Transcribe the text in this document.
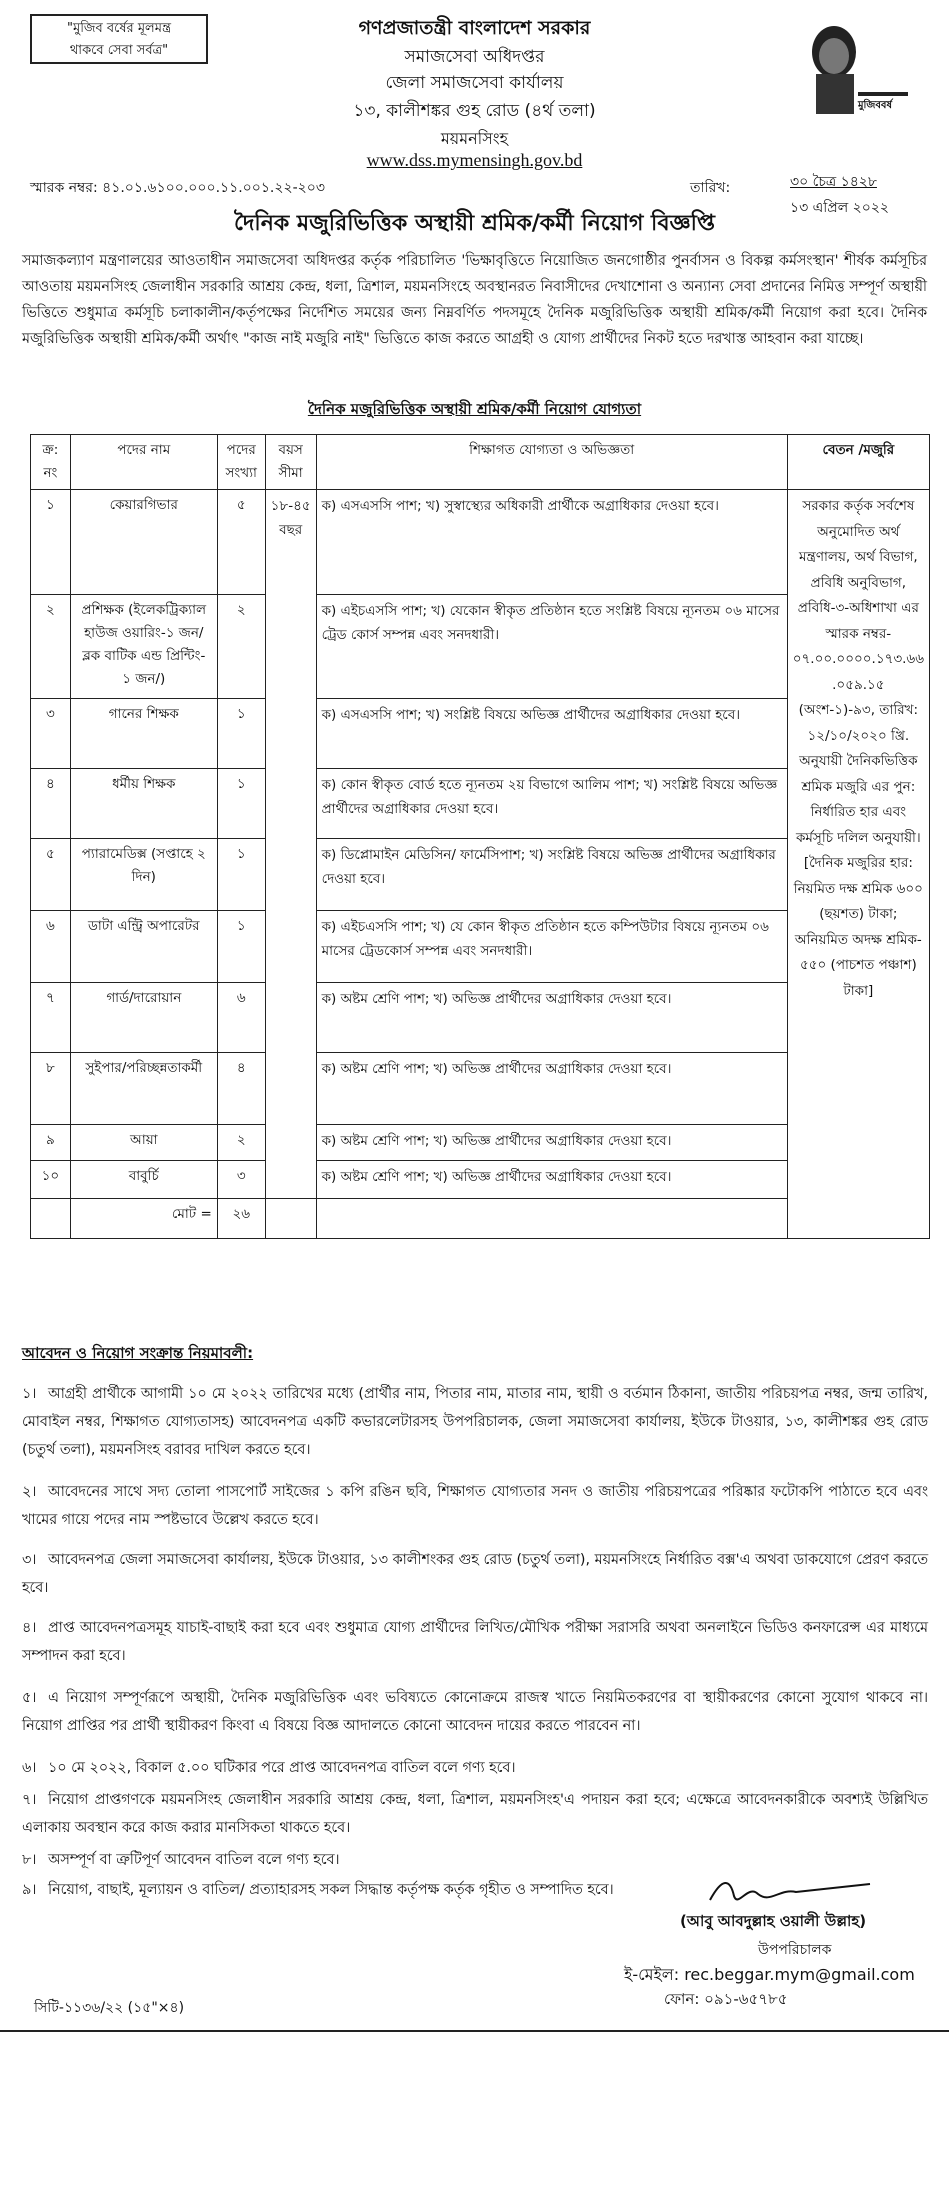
"মুজিব বর্ষের মূলমন্ত্র
থাকবে সেবা সর্বত্র"
গণপ্রজাতন্ত্রী বাংলাদেশ সরকার
সমাজসেবা অধিদপ্তর
জেলা সমাজসেবা কার্যালয়
১৩, কালীশঙ্কর গুহ রোড (৪র্থ তলা)
ময়মনসিংহ
www.dss.mymensingh.gov.bd
মুজিববর্ষ
স্মারক নম্বর: ৪১.০১.৬১০০.০০০.১১.০০১.২২-২০৩	তারিখ:	৩০ চৈত্র ১৪২৮
১৩ এপ্রিল ২০২২
দৈনিক মজুরিভিত্তিক অস্থায়ী শ্রমিক/কর্মী নিয়োগ বিজ্ঞপ্তি
সমাজকল্যাণ মন্ত্রণালয়ের আওতাধীন সমাজসেবা অধিদপ্তর কর্তৃক পরিচালিত 'ভিক্ষাবৃত্তিতে নিয়োজিত জনগোষ্ঠীর পুনর্বাসন ও বিকল্প কর্মসংস্থান' শীর্ষক কর্মসূচির আওতায় ময়মনসিংহ জেলাধীন সরকারি আশ্রয় কেন্দ্র, ধলা, ত্রিশাল, ময়মনসিংহে অবস্থানরত নিবাসীদের দেখাশোনা ও অন্যান্য সেবা প্রদানের নিমিত্ত সম্পূর্ণ অস্থায়ী ভিত্তিতে শুধুমাত্র কর্মসূচি চলাকালীন/কর্তৃপক্ষের নির্দেশিত সময়ের জন্য নিম্নবর্ণিত পদসমূহে দৈনিক মজুরিভিত্তিক অস্থায়ী শ্রমিক/কর্মী নিয়োগ করা হবে। দৈনিক মজুরিভিত্তিক অস্থায়ী শ্রমিক/কর্মী অর্থাৎ "কাজ নাই মজুরি নাই" ভিত্তিতে কাজ করতে আগ্রহী ও যোগ্য প্রার্থীদের নিকট হতে দরখাস্ত আহবান করা যাচ্ছে।
দৈনিক মজুরিভিত্তিক অস্থায়ী শ্রমিক/কর্মী নিয়োগ যোগ্যতা
ক্র: নং	পদের নাম	পদের সংখ্যা	বয়স সীমা	শিক্ষাগত যোগ্যতা ও অভিজ্ঞতা	বেতন /মজুরি
১	কেয়ারগিভার	৫	১৮-৪৫ বছর	ক) এসএসসি পাশ; খ) সুস্বাস্থ্যের অধিকারী প্রার্থীকে অগ্রাধিকার দেওয়া হবে।	সরকার কর্তৃক সর্বশেষ অনুমোদিত অর্থ মন্ত্রণালয়, অর্থ বিভাগ, প্রবিধি অনুবিভাগ, প্রবিধি-৩-অধিশাখা এর স্মারক নম্বর- ০৭.০০.০০০০.১৭৩.৬৬ .০৫৯.১৫ (অংশ-১)-৯৩, তারিখ: ১২/১০/২০২০ খ্রি. অনুযায়ী দৈনিকভিত্তিক শ্রমিক মজুরি এর পুন: নির্ধারিত হার এবং কর্মসূচি দলিল অনুযায়ী। [দৈনিক মজুরির হার: নিয়মিত দক্ষ শ্রমিক ৬০০ (ছয়শত) টাকা; অনিয়মিত অদক্ষ শ্রমিক- ৫৫০ (পাচশত পঞ্চাশ) টাকা]
২	প্রশিক্ষক (ইলেকট্রিক্যাল হাউজ ওয়ারিং-১ জন/ ব্লক বাটিক এন্ড প্রিন্টিং- ১ জন/)	২		ক) এইচএসসি পাশ; খ) যেকোন স্বীকৃত প্রতিষ্ঠান হতে সংশ্লিষ্ট বিষয়ে ন্যূনতম ০৬ মাসের ট্রেড কোর্স সম্পন্ন এবং সনদধারী।	
৩	গানের শিক্ষক	১		ক) এসএসসি পাশ; খ) সংশ্লিষ্ট বিষয়ে অভিজ্ঞ প্রার্থীদের অগ্রাধিকার দেওয়া হবে।	
৪	ধর্মীয় শিক্ষক	১		ক) কোন স্বীকৃত বোর্ড হতে ন্যূনতম ২য় বিভাগে আলিম পাশ; খ) সংশ্লিষ্ট বিষয়ে অভিজ্ঞ প্রার্থীদের অগ্রাধিকার দেওয়া হবে।	
৫	প্যারামেডিক্স (সপ্তাহে ২ দিন)	১		ক) ডিপ্লোমাইন মেডিসিন/ ফার্মেসিপাশ; খ) সংশ্লিষ্ট বিষয়ে অভিজ্ঞ প্রার্থীদের অগ্রাধিকার দেওয়া হবে।	
৬	ডাটা এন্ট্রি অপারেটর	১		ক) এইচএসসি পাশ; খ) যে কোন স্বীকৃত প্রতিষ্ঠান হতে কম্পিউটার বিষয়ে ন্যূনতম ০৬ মাসের ট্রেডকোর্স সম্পন্ন এবং সনদধারী।	
৭	গার্ড/দারোয়ান	৬		ক) অষ্টম শ্রেণি পাশ; খ) অভিজ্ঞ প্রার্থীদের অগ্রাধিকার দেওয়া হবে।	
৮	সুইপার/পরিচ্ছন্নতাকর্মী	৪		ক) অষ্টম শ্রেণি পাশ; খ) অভিজ্ঞ প্রার্থীদের অগ্রাধিকার দেওয়া হবে।	
৯	আয়া	২		ক) অষ্টম শ্রেণি পাশ; খ) অভিজ্ঞ প্রার্থীদের অগ্রাধিকার দেওয়া হবে।	
১০	বাবুর্চি	৩		ক) অষ্টম শ্রেণি পাশ; খ) অভিজ্ঞ প্রার্থীদের অগ্রাধিকার দেওয়া হবে।	
	মোট =	২৬			
আবেদন ও নিয়োগ সংক্রান্ত নিয়মাবলী:
১। আগ্রহী প্রার্থীকে আগামী ১০ মে ২০২২ তারিখের মধ্যে (প্রার্থীর নাম, পিতার নাম, মাতার নাম, স্থায়ী ও বর্তমান ঠিকানা, জাতীয় পরিচয়পত্র নম্বর, জন্ম তারিখ, মোবাইল নম্বর, শিক্ষাগত যোগ্যতাসহ) আবেদনপত্র একটি কভারলেটারসহ উপপরিচালক, জেলা সমাজসেবা কার্যালয়, ইউকে টাওয়ার, ১৩, কালীশঙ্কর গুহ রোড (চতুর্থ তলা), ময়মনসিংহ বরাবর দাখিল করতে হবে।
২। আবেদনের সাথে সদ্য তোলা পাসপোর্ট সাইজের ১ কপি রঙিন ছবি, শিক্ষাগত যোগ্যতার সনদ ও জাতীয় পরিচয়পত্রের পরিষ্কার ফটোকপি পাঠাতে হবে এবং খামের গায়ে পদের নাম স্পষ্টভাবে উল্লেখ করতে হবে।
৩। আবেদনপত্র জেলা সমাজসেবা কার্যালয়, ইউকে টাওয়ার, ১৩ কালীশংকর গুহ রোড (চতুর্থ তলা), ময়মনসিংহে নির্ধারিত বক্স'এ অথবা ডাকযোগে প্রেরণ করতে হবে।
৪। প্রাপ্ত আবেদনপত্রসমূহ যাচাই-বাছাই করা হবে এবং শুধুমাত্র যোগ্য প্রার্থীদের লিখিত/মৌখিক পরীক্ষা সরাসরি অথবা অনলাইনে ভিডিও কনফারেন্স এর মাধ্যমে সম্পাদন করা হবে।
৫। এ নিয়োগ সম্পূর্ণরূপে অস্থায়ী, দৈনিক মজুরিভিত্তিক এবং ভবিষ্যতে কোনোক্রমে রাজস্ব খাতে নিয়মিতকরণের বা স্থায়ীকরণের কোনো সুযোগ থাকবে না। নিয়োগ প্রাপ্তির পর প্রার্থী স্থায়ীকরণ কিংবা এ বিষয়ে বিজ্ঞ আদালতে কোনো আবেদন দায়ের করতে পারবেন না।
৬। ১০ মে ২০২২, বিকাল ৫.০০ ঘটিকার পরে প্রাপ্ত আবেদনপত্র বাতিল বলে গণ্য হবে।
৭। নিয়োগ প্রাপ্তগণকে ময়মনসিংহ জেলাধীন সরকারি আশ্রয় কেন্দ্র, ধলা, ত্রিশাল, ময়মনসিংহ'এ পদায়ন করা হবে; এক্ষেত্রে আবেদনকারীকে অবশ্যই উল্লিখিত এলাকায় অবস্থান করে কাজ করার মানসিকতা থাকতে হবে।
৮। অসম্পূর্ণ বা ত্রুটিপূর্ণ আবেদন বাতিল বলে গণ্য হবে।
৯। নিয়োগ, বাছাই, মূল্যায়ন ও বাতিল/ প্রত্যাহারসহ সকল সিদ্ধান্ত কর্তৃপক্ষ কর্তৃক গৃহীত ও সম্পাদিত হবে।
(আবু আবদুল্লাহ ওয়ালী উল্লাহ)
উপপরিচালক
ই-মেইল: rec.beggar.mym@gmail.com
ফোন: ০৯১-৬৫৭৮৫
সিটি-১১৩৬/২২ (১৫"×৪)
